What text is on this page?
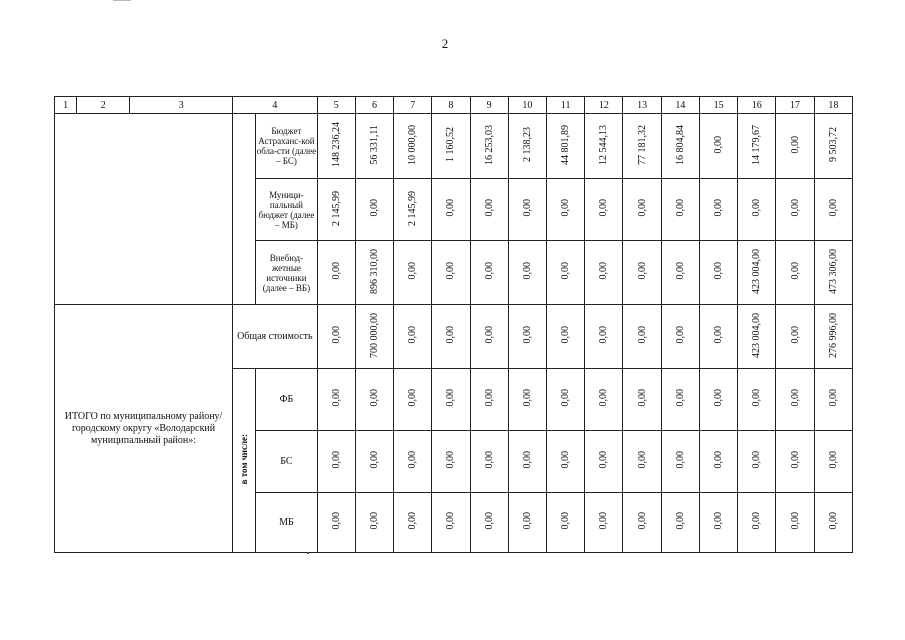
2
1	2	3	4		5	6	7	8	9	10	11	12	13	14	15	16	17	18
				Бюджет Астраханс-кой обла-сти (далее – БС)	148 236,24	56 331,11	10 000,00	1 160,52	16 253,03	2 138,23	44 801,89	12 544,13	77 181,32	16 804,84	0,00	14 179,67	0,00	9 503,72
				Муници-пальный бюджет (далее – МБ)	2 145,99	0,00	2 145,99	0,00	0,00	0,00	0,00	0,00	0,00	0,00	0,00	0,00	0,00	0,00
				Внебюд-жетные источники (далее – ВБ)	0,00	896 310,00	0,00	0,00	0,00	0,00	0,00	0,00	0,00	0,00	0,00	423 004,00	0,00	473 306,00
ИТОГО по муниципальному району/городскому округу «Володарский муниципальный район»:			Общая стоимость		0,00	700 000,00	0,00	0,00	0,00	0,00	0,00	0,00	0,00	0,00	0,00	423 004,00	0,00	276 996,00
			в том числе:	ФБ	0,00	0,00	0,00	0,00	0,00	0,00	0,00	0,00	0,00	0,00	0,00	0,00	0,00	0,00
				БС	0,00	0,00	0,00	0,00	0,00	0,00	0,00	0,00	0,00	0,00	0,00	0,00	0,00	0,00
				МБ	0,00	0,00	0,00	0,00	0,00	0,00	0,00	0,00	0,00	0,00	0,00	0,00	0,00	0,00
